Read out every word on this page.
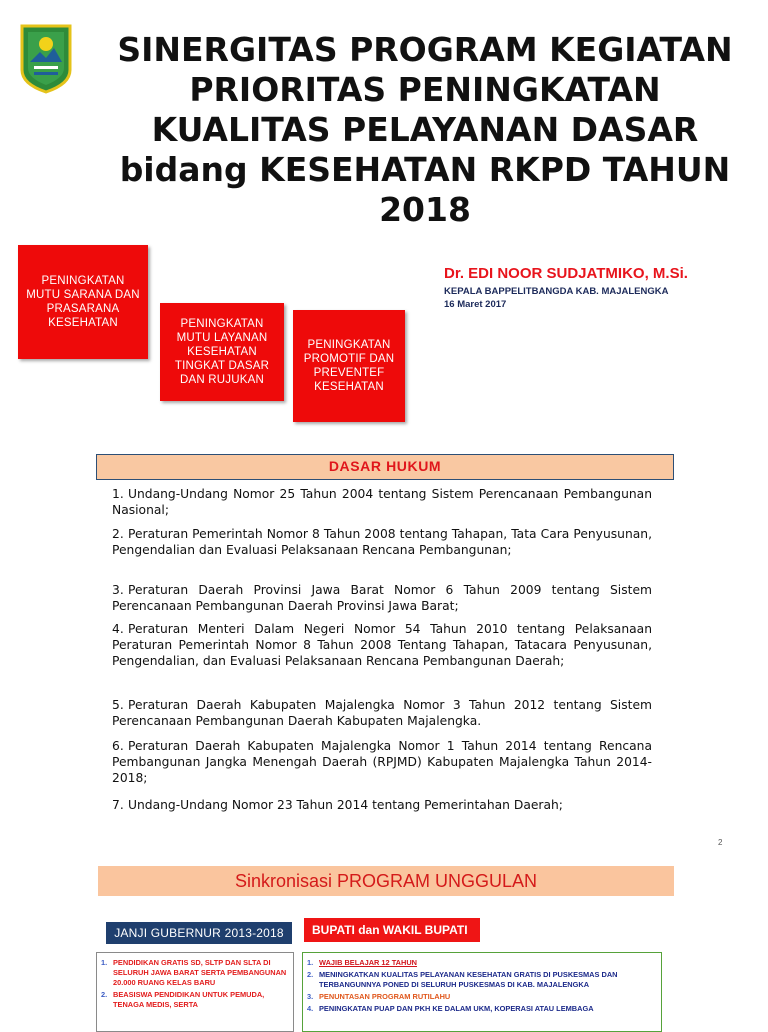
SINERGITAS PROGRAM KEGIATAN
PRIORITAS PENINGKATAN
KUALITAS PELAYANAN DASAR
bidang KESEHATAN RKPD TAHUN
2018
PENINGKATAN MUTU SARANA DAN PRASARANA KESEHATAN	PENINGKATAN MUTU LAYANAN KESEHATAN TINGKAT DASAR DAN RUJUKAN
PENINGKATAN PROMOTIF DAN PREVENTEF KESEHATAN
Dr. EDI NOOR SUDJATMIKO, M.Si.
KEPALA BAPPELITBANGDA KAB. MAJALENGKA
16 Maret 2017
DASAR HUKUM
1. Undang-Undang Nomor 25 Tahun 2004 tentang Sistem Perencanaan Pembangunan Nasional;
2. Peraturan Pemerintah Nomor 8 Tahun 2008 tentang Tahapan, Tata Cara Penyusunan, Pengendalian dan Evaluasi Pelaksanaan Rencana Pembangunan;
3. Peraturan Daerah Provinsi Jawa Barat Nomor 6 Tahun 2009 tentang Sistem Perencanaan Pembangunan Daerah Provinsi Jawa Barat;
4. Peraturan Menteri Dalam Negeri Nomor 54 Tahun 2010 tentang Pelaksanaan Peraturan Pemerintah Nomor 8 Tahun 2008 Tentang Tahapan, Tatacara Penyusunan, Pengendalian, dan Evaluasi Pelaksanaan Rencana Pembangunan Daerah;
5. Peraturan Daerah Kabupaten Majalengka Nomor 3 Tahun 2012 tentang Sistem Perencanaan Pembangunan Daerah Kabupaten Majalengka.
6. Peraturan Daerah Kabupaten Majalengka Nomor 1 Tahun 2014 tentang Rencana Pembangunan Jangka Menengah Daerah (RPJMD) Kabupaten Majalengka Tahun 2014-2018;
7. Undang-Undang Nomor 23 Tahun 2014 tentang Pemerintahan Daerah;
2
Sinkronisasi PROGRAM UNGGULAN
JANJI GUBERNUR 2013-2018	BUPATI dan WAKIL BUPATI
1. PENDIDIKAN GRATIS SD, SLTP DAN SLTA DI SELURUH JAWA BARAT SERTA PEMBANGUNAN 20.000 RUANG KELAS BARU
2. BEASISWA PENDIDIKAN UNTUK PEMUDA, TENAGA MEDIS, SERTA
1. WAJIB BELAJAR 12 TAHUN
2. MENINGKATKAN KUALITAS PELAYANAN KESEHATAN GRATIS DI PUSKESMAS DAN TERBANGUNNYA PONED DI SELURUH PUSKESMAS DI KAB. MAJALENGKA
3. PENUNTASAN PROGRAM RUTILAHU
4. PENINGKATAN PUAP DAN PKH KE DALAM UKM, KOPERASI ATAU LEMBAGA
